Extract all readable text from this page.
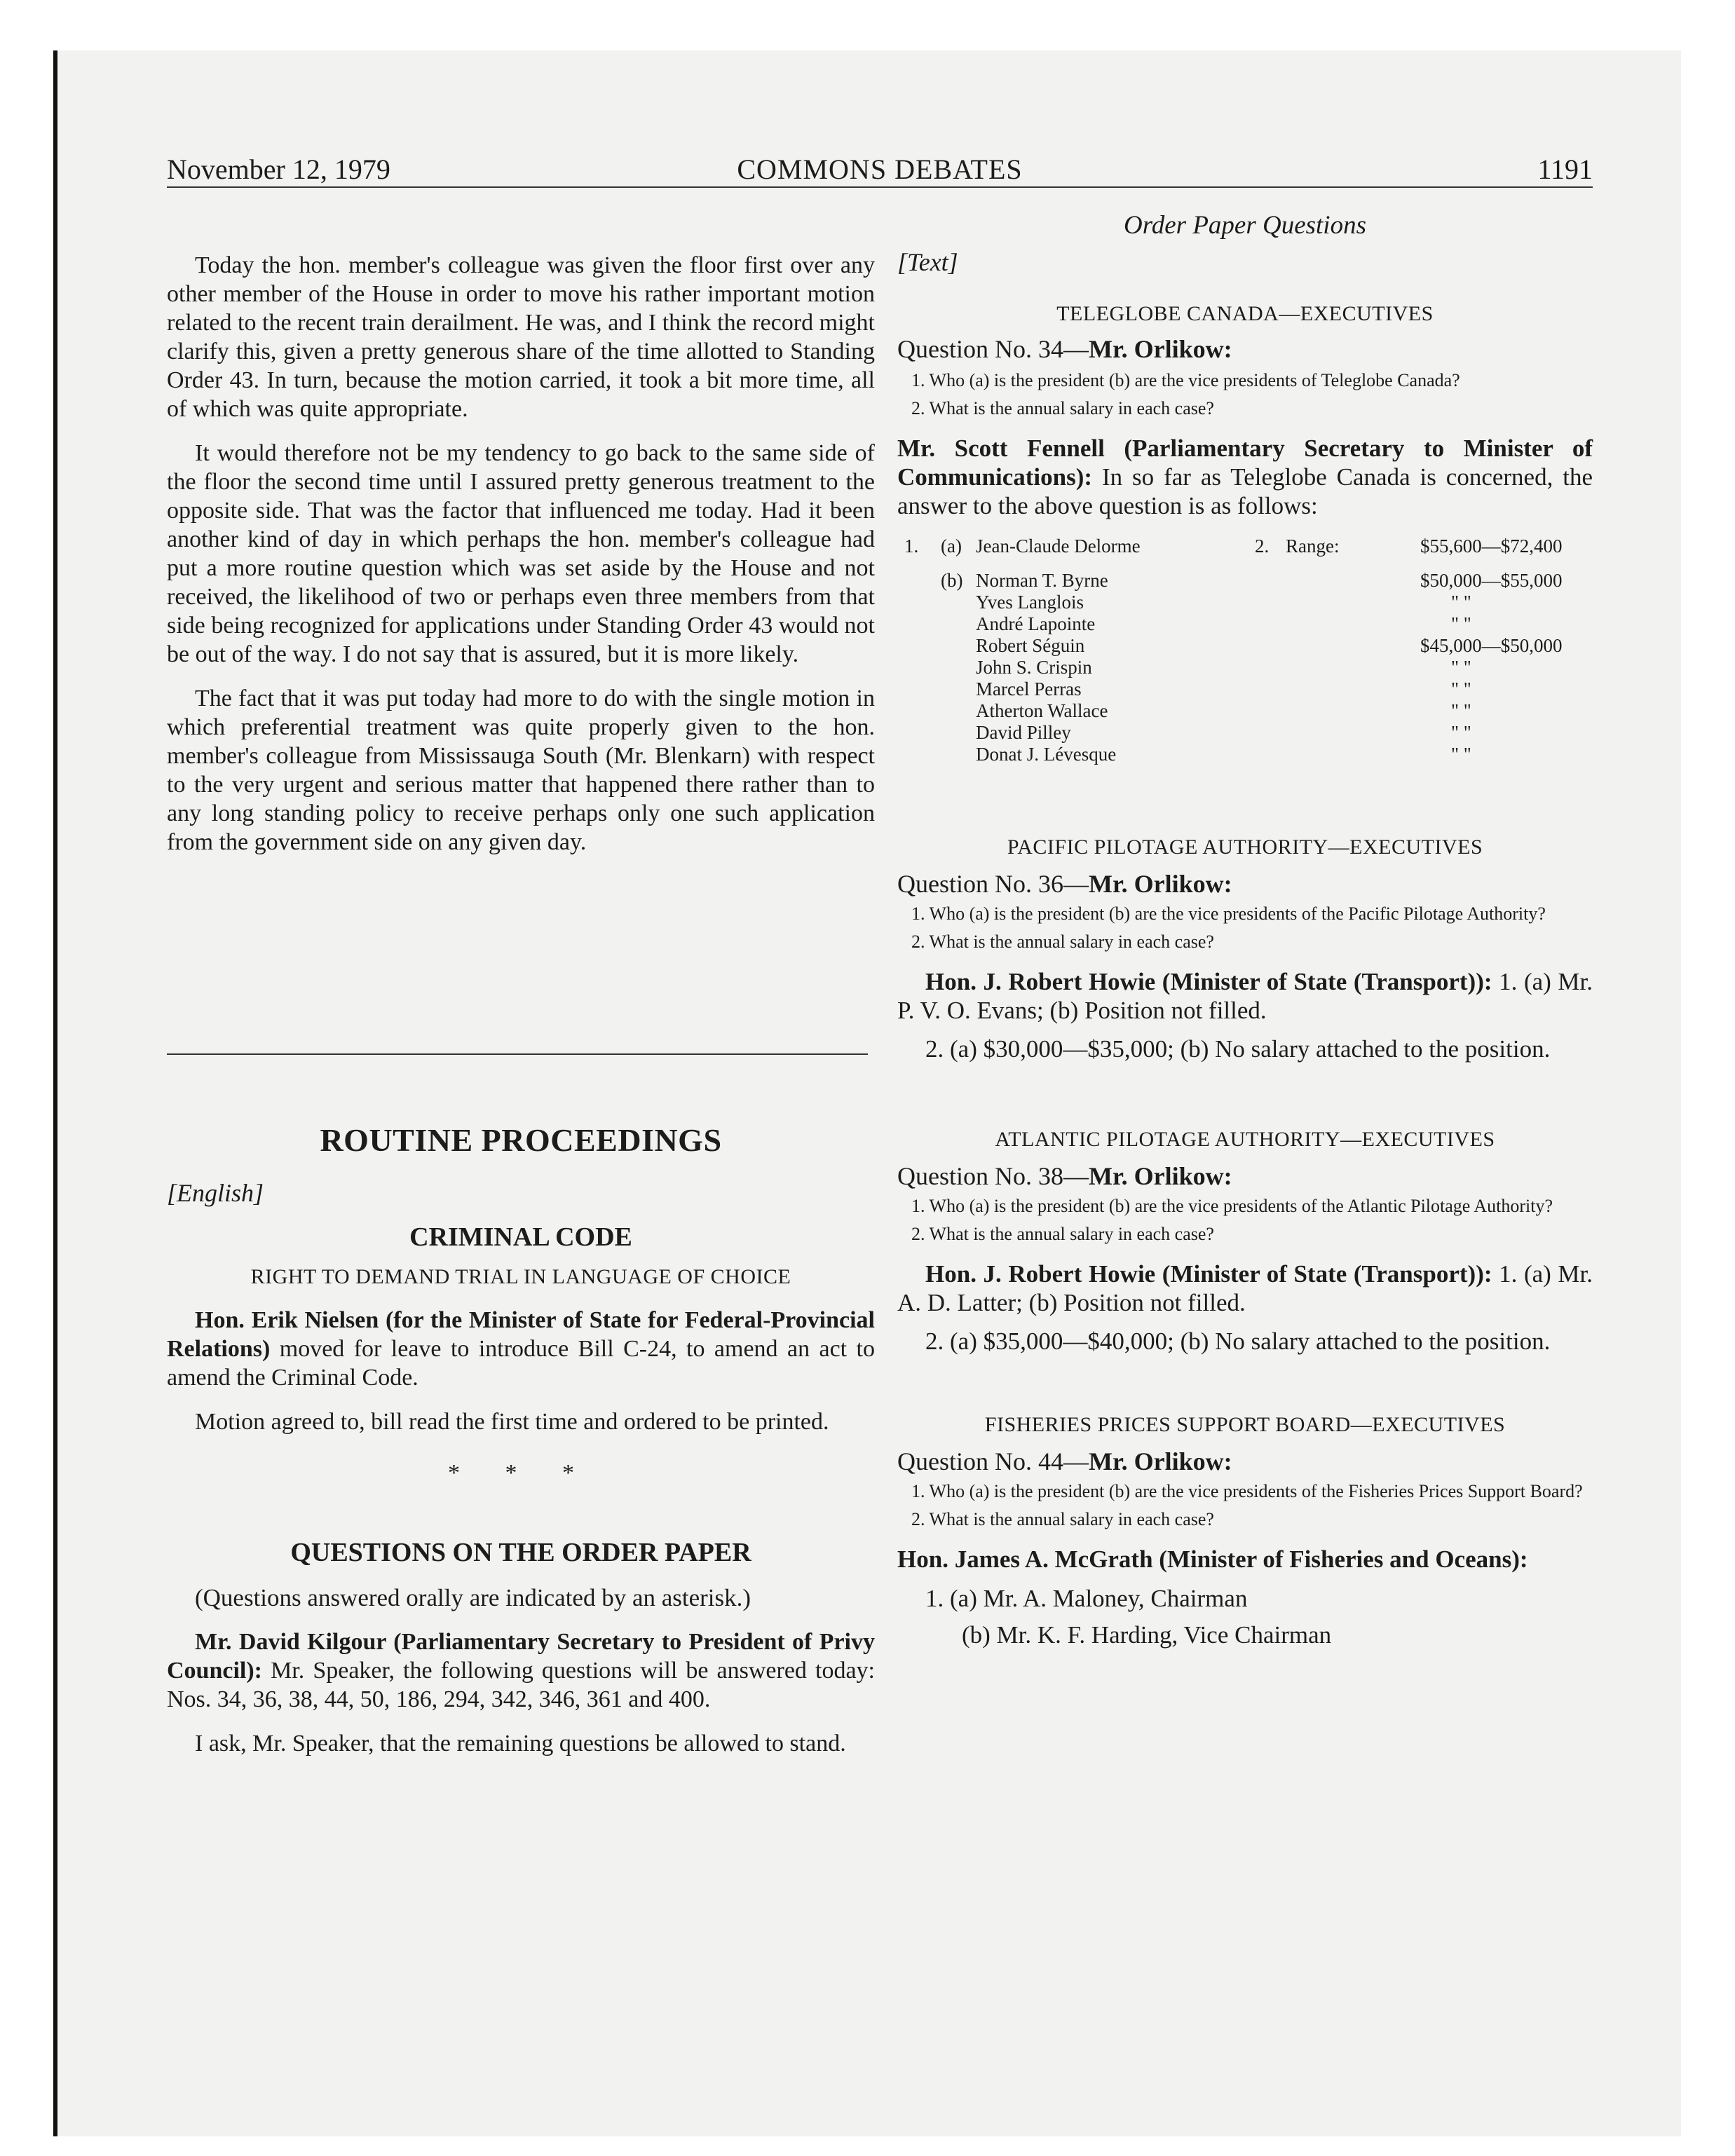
November 12, 1979	COMMONS DEBATES	1191

Today the hon. member's colleague was given the floor first over any other member of the House in order to move his rather important motion related to the recent train derailment. He was, and I think the record might clarify this, given a pretty generous share of the time allotted to Standing Order 43. In turn, because the motion carried, it took a bit more time, all of which was quite appropriate.

It would therefore not be my tendency to go back to the same side of the floor the second time until I assured pretty generous treatment to the opposite side. That was the factor that influenced me today. Had it been another kind of day in which perhaps the hon. member's colleague had put a more routine question which was set aside by the House and not received, the likelihood of two or perhaps even three members from that side being recognized for applications under Standing Order 43 would not be out of the way. I do not say that is assured, but it is more likely.

The fact that it was put today had more to do with the single motion in which preferential treatment was quite properly given to the hon. member's colleague from Mississauga South (Mr. Blenkarn) with respect to the very urgent and serious matter that happened there rather than to any long standing policy to receive perhaps only one such application from the government side on any given day.

ROUTINE PROCEEDINGS

[English]

CRIMINAL CODE

RIGHT TO DEMAND TRIAL IN LANGUAGE OF CHOICE

Hon. Erik Nielsen (for the Minister of State for Federal-Provincial Relations) moved for leave to introduce Bill C-24, to amend an act to amend the Criminal Code.

Motion agreed to, bill read the first time and ordered to be printed.

* * *

QUESTIONS ON THE ORDER PAPER

(Questions answered orally are indicated by an asterisk.)

Mr. David Kilgour (Parliamentary Secretary to President of Privy Council): Mr. Speaker, the following questions will be answered today: Nos. 34, 36, 38, 44, 50, 186, 294, 342, 346, 361 and 400.

I ask, Mr. Speaker, that the remaining questions be allowed to stand.

Order Paper Questions

[Text]

TELEGLOBE CANADA—EXECUTIVES

Question No. 34—Mr. Orlikow:

1. Who (a) is the president (b) are the vice presidents of Teleglobe Canada?

2. What is the annual salary in each case?

Mr. Scott Fennell (Parliamentary Secretary to Minister of Communications): In so far as Teleglobe Canada is concerned, the answer to the above question is as follows:

1. (a) Jean-Claude Delorme	2. Range:	$55,600—$72,400
(b) Norman T. Byrne	$50,000—$55,000
Yves Langlois	" "
André Lapointe	" "
Robert Séguin	$45,000—$50,000
John S. Crispin	" "
Marcel Perras	" "
Atherton Wallace	" "
David Pilley	" "
Donat J. Lévesque	" "

PACIFIC PILOTAGE AUTHORITY—EXECUTIVES

Question No. 36—Mr. Orlikow:

1. Who (a) is the president (b) are the vice presidents of the Pacific Pilotage Authority?

2. What is the annual salary in each case?

Hon. J. Robert Howie (Minister of State (Transport)): 1. (a) Mr. P. V. O. Evans; (b) Position not filled.

2. (a) $30,000—$35,000; (b) No salary attached to the position.

ATLANTIC PILOTAGE AUTHORITY—EXECUTIVES

Question No. 38—Mr. Orlikow:

1. Who (a) is the president (b) are the vice presidents of the Atlantic Pilotage Authority?

2. What is the annual salary in each case?

Hon. J. Robert Howie (Minister of State (Transport)): 1. (a) Mr. A. D. Latter; (b) Position not filled.

2. (a) $35,000—$40,000; (b) No salary attached to the position.

FISHERIES PRICES SUPPORT BOARD—EXECUTIVES

Question No. 44—Mr. Orlikow:

1. Who (a) is the president (b) are the vice presidents of the Fisheries Prices Support Board?

2. What is the annual salary in each case?

Hon. James A. McGrath (Minister of Fisheries and Oceans):

1. (a) Mr. A. Maloney, Chairman

(b) Mr. K. F. Harding, Vice Chairman
